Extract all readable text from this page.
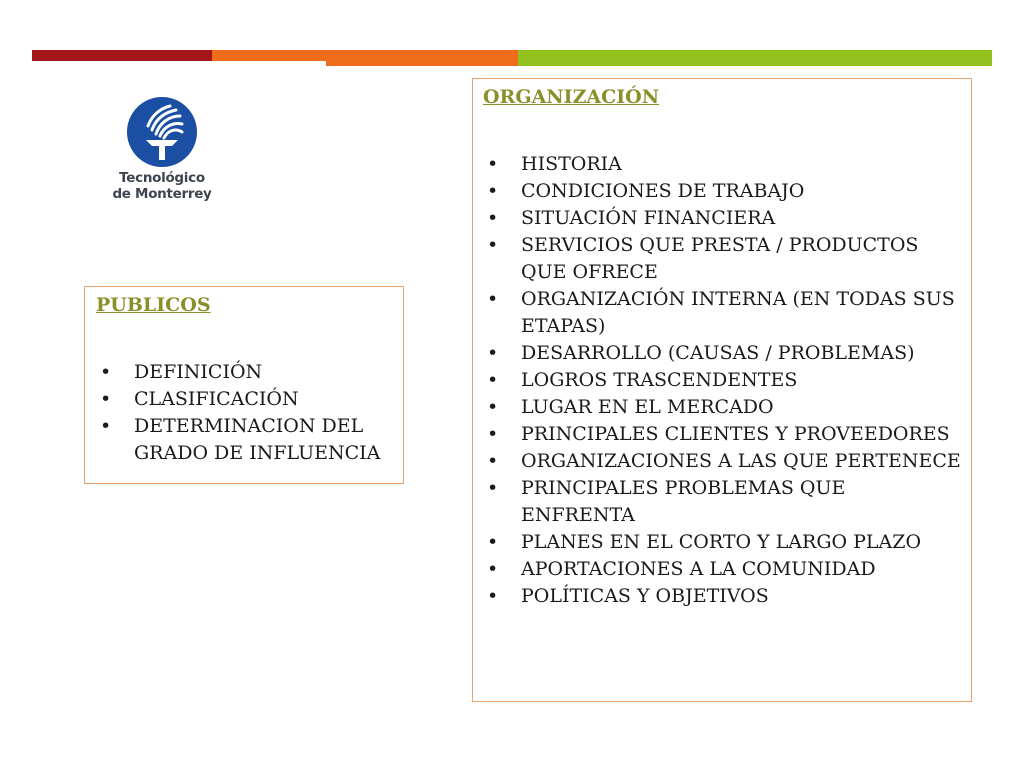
Tecnológico
de Monterrey
PUBLICOS
• DEFINICIÓN
• CLASIFICACIÓN
• DETERMINACION DEL GRADO DE INFLUENCIA
ORGANIZACIÓN
• HISTORIA
• CONDICIONES DE TRABAJO
• SITUACIÓN FINANCIERA
• SERVICIOS QUE PRESTA / PRODUCTOS QUE OFRECE
• ORGANIZACIÓN INTERNA (EN TODAS SUS ETAPAS)
• DESARROLLO (CAUSAS / PROBLEMAS)
• LOGROS TRASCENDENTES
• LUGAR EN EL MERCADO
• PRINCIPALES CLIENTES Y PROVEEDORES
• ORGANIZACIONES A LAS QUE PERTENECE
• PRINCIPALES PROBLEMAS QUE ENFRENTA
• PLANES EN EL CORTO Y LARGO PLAZO
• APORTACIONES A LA COMUNIDAD
• POLÍTICAS Y OBJETIVOS
